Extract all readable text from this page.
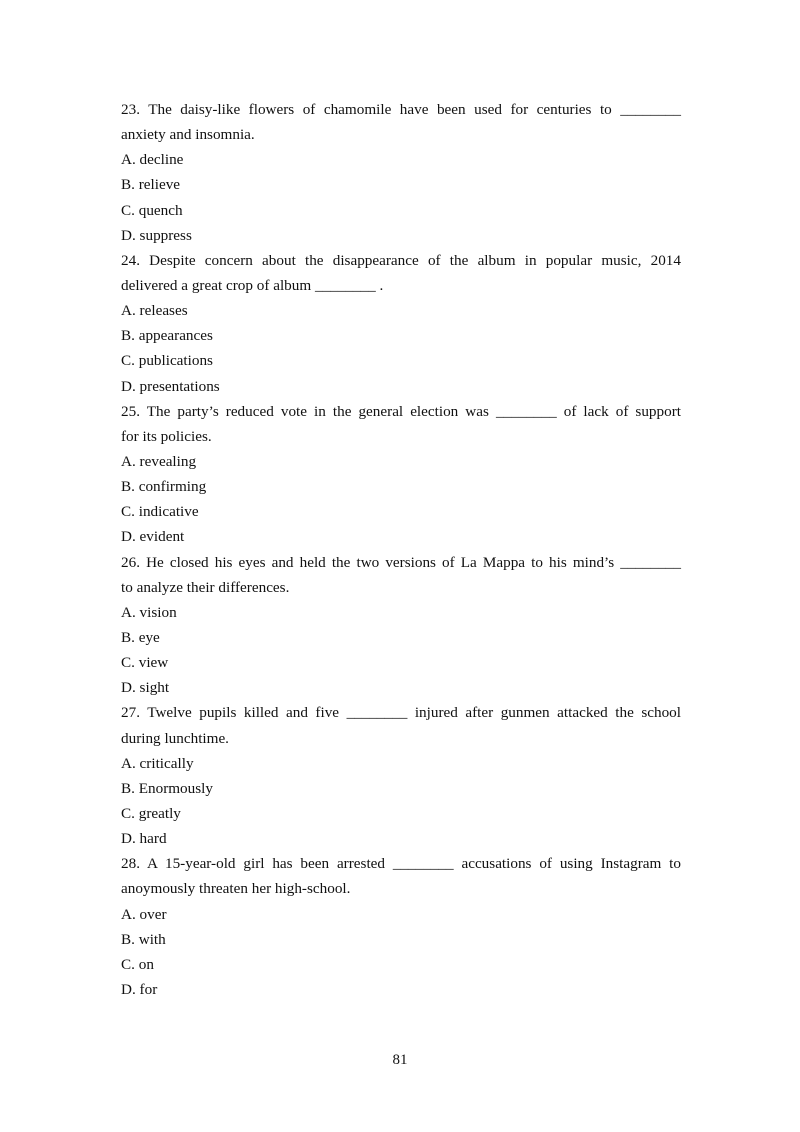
23. The daisy-like flowers of chamomile have been used for centuries to ________

anxiety and insomnia.

A. decline

B. relieve

C. quench

D. suppress

24. Despite concern about the disappearance of the album in popular music, 2014

delivered a great crop of album ________ .

A. releases

B. appearances

C. publications

D. presentations

25. The party’s reduced vote in the general election was ________ of lack of support

for its policies.

A. revealing

B. confirming

C. indicative

D. evident

26. He closed his eyes and held the two versions of La Mappa to his mind’s ________

to analyze their differences.

A. vision

B. eye

C. view

D. sight

27. Twelve pupils killed and five ________ injured after gunmen attacked the school

during lunchtime.

A. critically

B. Enormously

C. greatly

D. hard

28. A 15-year-old girl has been arrested ________ accusations of using Instagram to

anoymously threaten her high-school.

A. over

B. with

C. on

D. for

81
